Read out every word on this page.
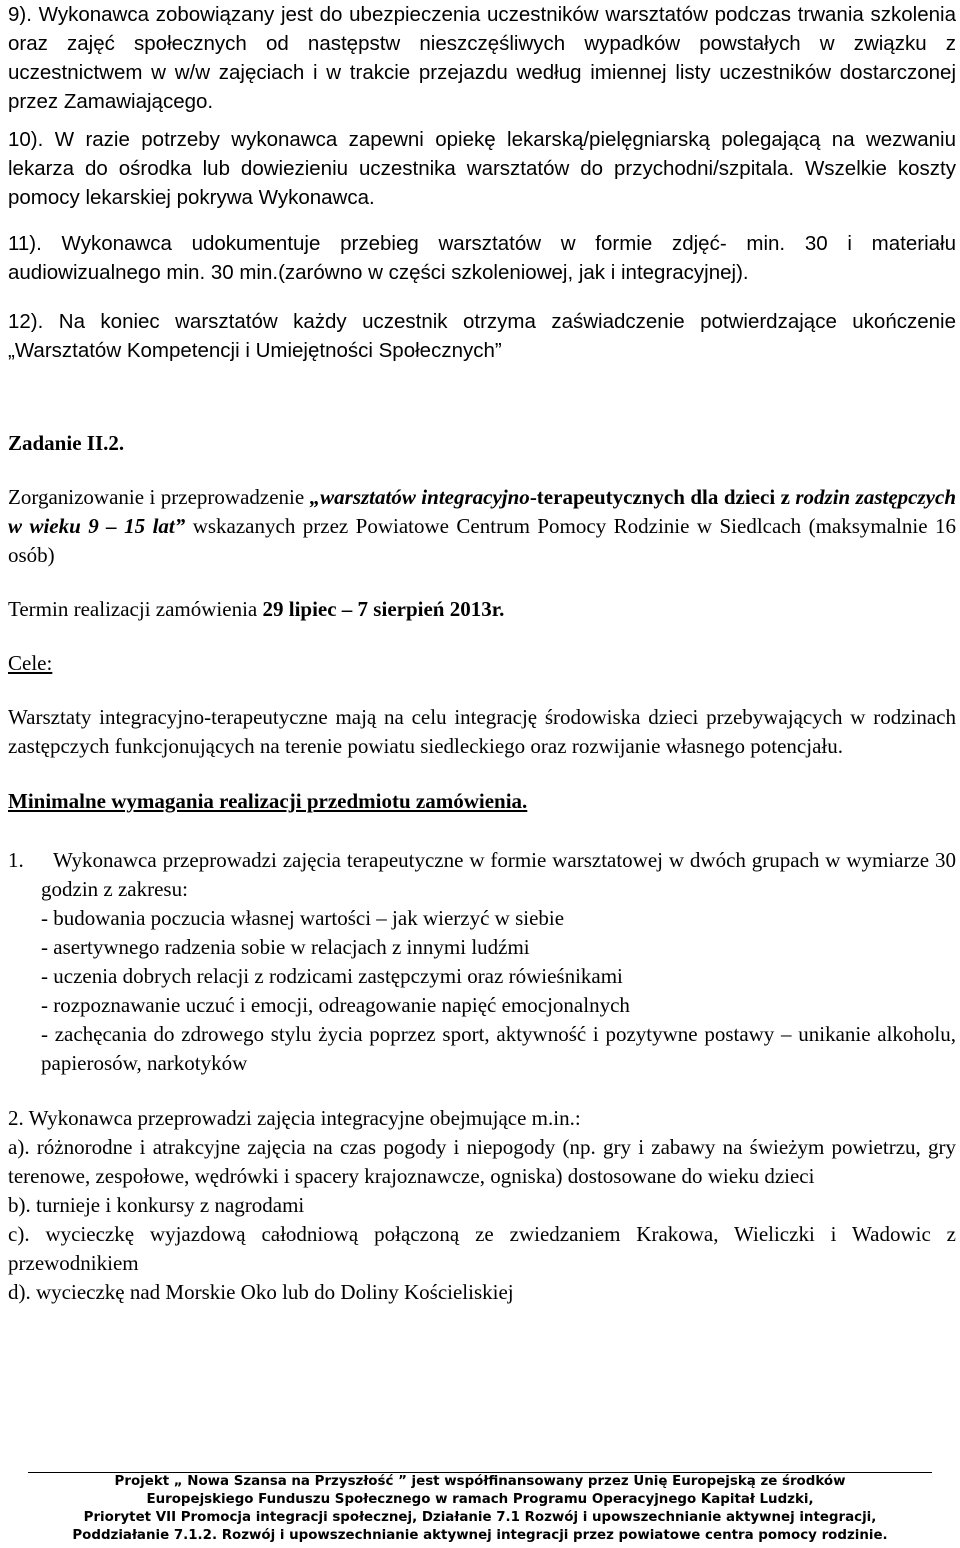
9). Wykonawca zobowiązany jest do ubezpieczenia uczestników warsztatów podczas trwania szkolenia oraz zajęć społecznych od następstw nieszczęśliwych wypadków powstałych w związku z uczestnictwem w w/w zajęciach i w trakcie przejazdu według imiennej listy uczestników dostarczonej przez Zamawiającego.

10). W razie potrzeby wykonawca zapewni opiekę lekarską/pielęgniarską polegającą na wezwaniu lekarza do ośrodka lub dowiezieniu uczestnika warsztatów do przychodni/szpitala. Wszelkie koszty pomocy lekarskiej pokrywa Wykonawca.

11). Wykonawca udokumentuje przebieg warsztatów w formie zdjęć- min. 30 i materiału audiowizualnego min. 30 min.(zarówno w części szkoleniowej, jak i integracyjnej).

12). Na koniec warsztatów każdy uczestnik otrzyma zaświadczenie potwierdzające ukończenie „Warsztatów Kompetencji i Umiejętności Społecznych”

Zadanie II.2.

Zorganizowanie i przeprowadzenie „warsztatów integracyjno-terapeutycznych dla dzieci z rodzin zastępczych w wieku 9 – 15 lat” wskazanych przez Powiatowe Centrum Pomocy Rodzinie w Siedlcach (maksymalnie 16 osób)

Termin realizacji zamówienia 29 lipiec – 7 sierpień 2013r.

Cele:

Warsztaty integracyjno-terapeutyczne mają na celu integrację środowiska dzieci przebywających w rodzinach zastępczych funkcjonujących na terenie powiatu siedleckiego oraz rozwijanie własnego potencjału.

Minimalne wymagania realizacji przedmiotu zamówienia.

1. Wykonawca przeprowadzi zajęcia terapeutyczne w formie warsztatowej w dwóch grupach w wymiarze 30 godzin z zakresu:

- budowania poczucia własnej wartości – jak wierzyć w siebie

- asertywnego radzenia sobie w relacjach z innymi ludźmi

- uczenia dobrych relacji z rodzicami zastępczymi oraz rówieśnikami

- rozpoznawanie uczuć i emocji, odreagowanie napięć emocjonalnych

- zachęcania do zdrowego stylu życia poprzez sport, aktywność i pozytywne postawy – unikanie alkoholu, papierosów, narkotyków

2. Wykonawca przeprowadzi zajęcia integracyjne obejmujące m.in.:

a). różnorodne i atrakcyjne zajęcia na czas pogody i niepogody (np. gry i zabawy na świeżym powietrzu, gry terenowe, zespołowe, wędrówki i spacery krajoznawcze, ogniska) dostosowane do wieku dzieci

b). turnieje i konkursy z nagrodami

c). wycieczkę wyjazdową całodniową połączoną ze zwiedzaniem Krakowa, Wieliczki i Wadowic z przewodnikiem

d). wycieczkę nad Morskie Oko lub do Doliny Kościeliskiej

Projekt „ Nowa Szansa na Przyszłość ” jest współfinansowany przez Unię Europejską ze środków
Europejskiego Funduszu Społecznego w ramach Programu Operacyjnego Kapitał Ludzki,
Priorytet VII Promocja integracji społecznej, Działanie 7.1 Rozwój i upowszechnianie aktywnej integracji,
Poddziałanie 7.1.2. Rozwój i upowszechnianie aktywnej integracji przez powiatowe centra pomocy rodzinie.
